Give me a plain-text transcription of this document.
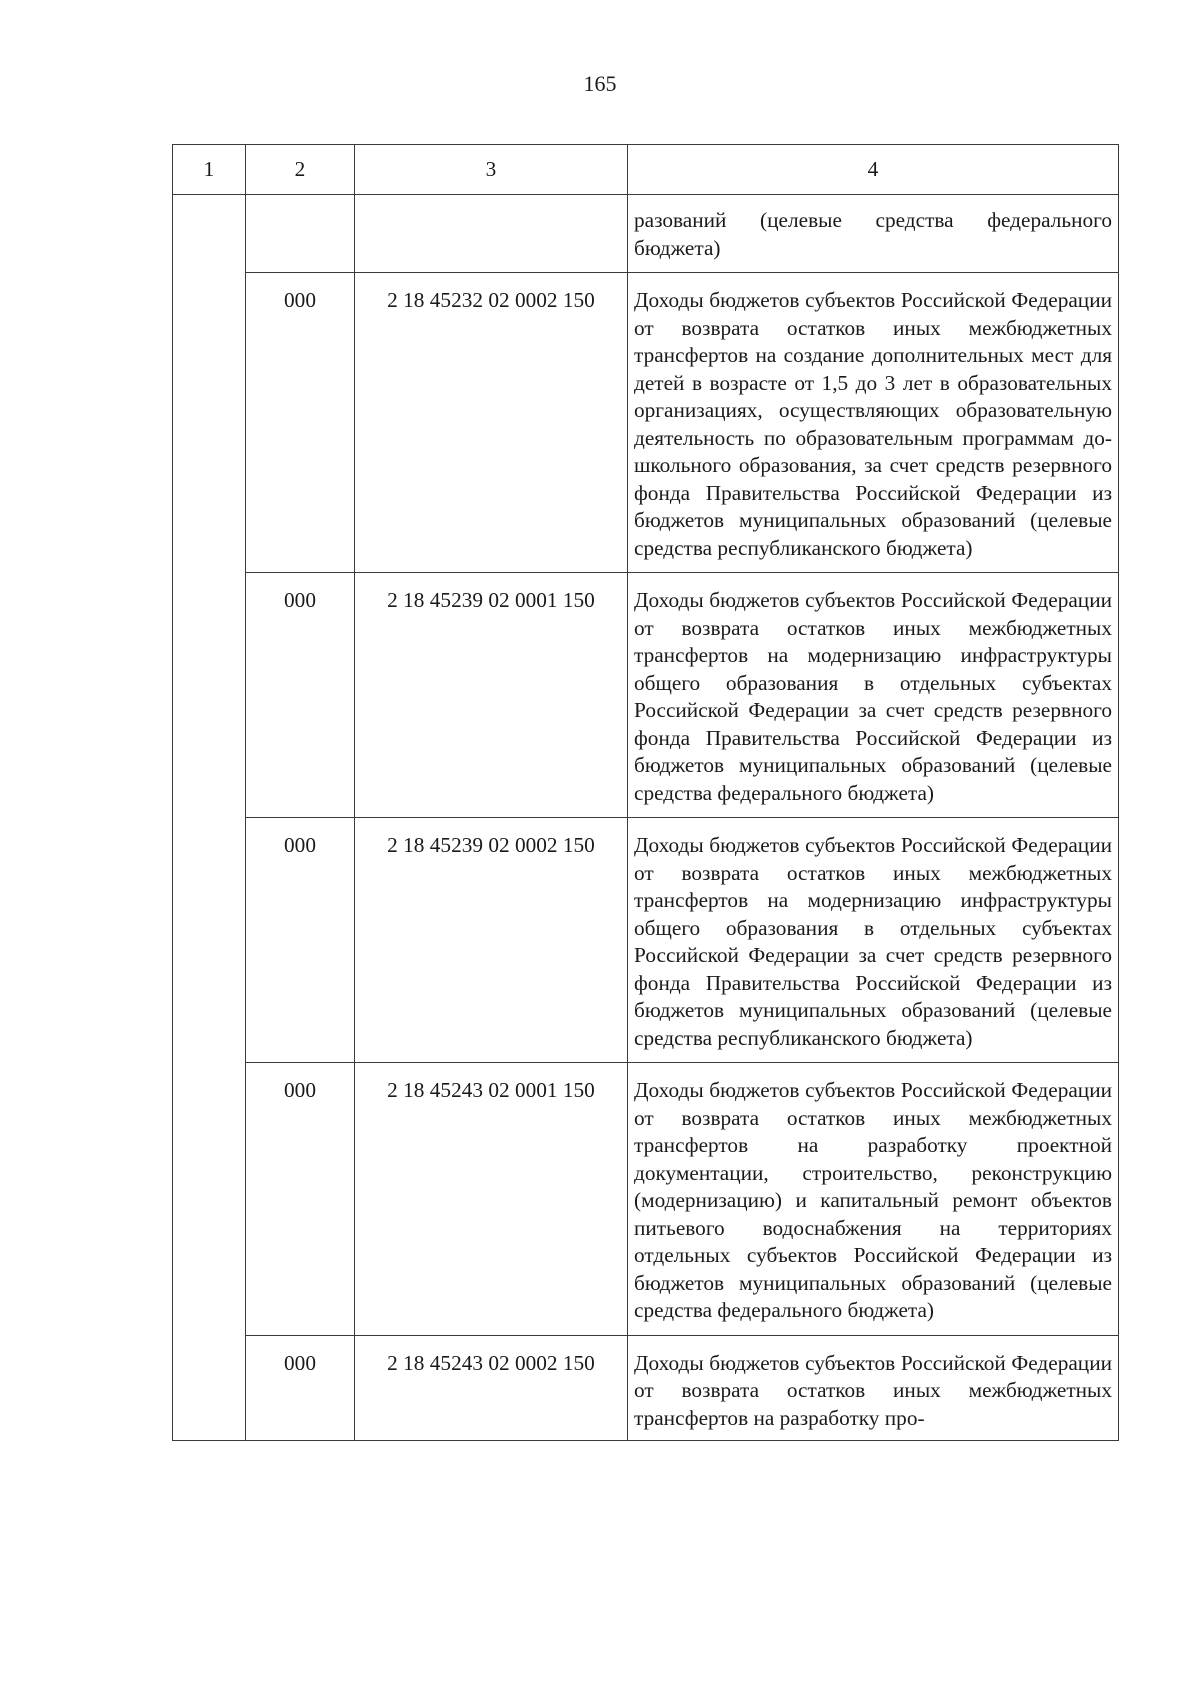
165
1	2	3	4
			разований (целевые средства федерального бюджета)
	000	2 18 45232 02 0002 150	Доходы бюджетов субъектов Российской Федерации от возврата остатков иных межбюджетных трансфертов на создание дополнительных мест для детей в возрасте от 1,5 до 3 лет в образовательных организациях, осуществляющих образовательную деятельность по образовательным программам дошкольного образования, за счет средств резервного фонда Правительства Российской Федерации из бюджетов муниципальных образований (целевые средства республиканского бюджета)
	000	2 18 45239 02 0001 150	Доходы бюджетов субъектов Российской Федерации от возврата остатков иных межбюджетных трансфертов на модернизацию инфраструктуры общего образования в отдельных субъектах Российской Федерации за счет средств резервного фонда Правительства Российской Федерации из бюджетов муниципальных образований (целевые средства федерального бюджета)
	000	2 18 45239 02 0002 150	Доходы бюджетов субъектов Российской Федерации от возврата остатков иных межбюджетных трансфертов на модернизацию инфраструктуры общего образования в отдельных субъектах Российской Федерации за счет средств резервного фонда Правительства Российской Федерации из бюджетов муниципальных образований (целевые средства республиканского бюджета)
	000	2 18 45243 02 0001 150	Доходы бюджетов субъектов Российской Федерации от возврата остатков иных межбюджетных трансфертов на разработку проектной документации, строительство, реконструкцию (модернизацию) и капитальный ремонт объектов питьевого водоснабжения на территориях отдельных субъектов Российской Федерации из бюджетов муниципальных образований (целевые средства федерального бюджета)
	000	2 18 45243 02 0002 150	Доходы бюджетов субъектов Российской Федерации от возврата остатков иных межбюджетных трансфертов на разработку про-
